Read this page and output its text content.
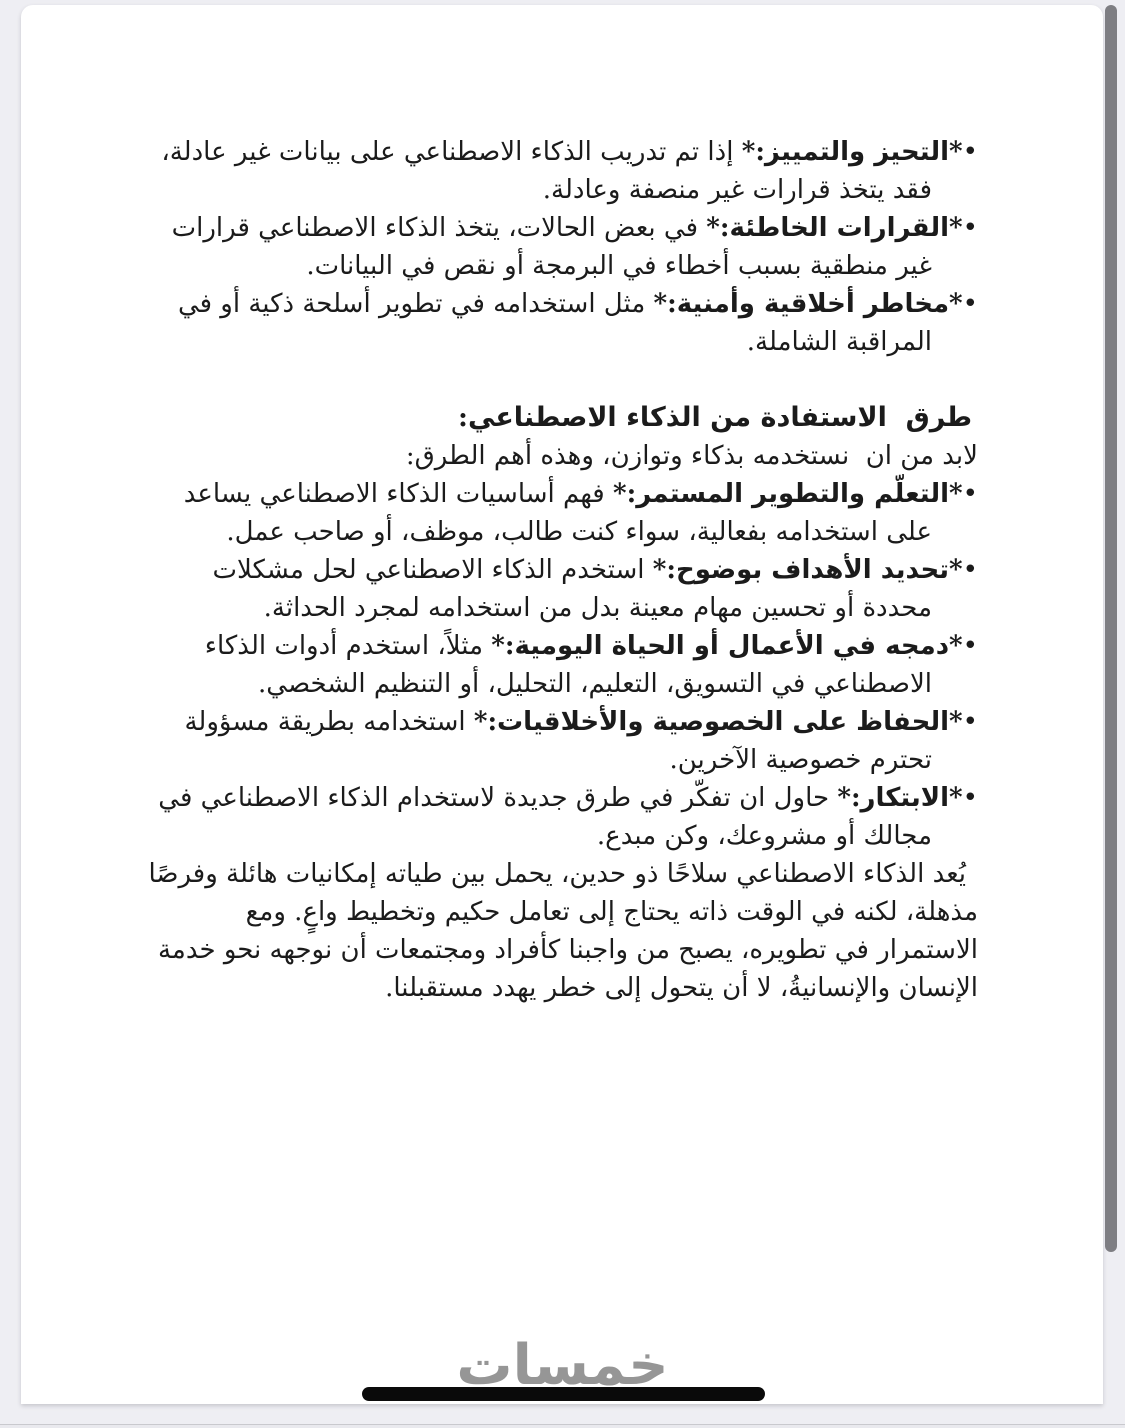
•*التحيز والتمييز:* إذا تم تدريب الذكاء الاصطناعي على بيانات غير عادلة، فقد يتخذ قرارات غير منصفة وعادلة.

•*القرارات الخاطئة:* في بعض الحالات، يتخذ الذكاء الاصطناعي قرارات غير منطقية بسبب أخطاء في البرمجة أو نقص في البيانات.

•*مخاطر أخلاقية وأمنية:* مثل استخدامه في تطوير أسلحة ذكية أو في المراقبة الشاملة.

طرق  الاستفادة من الذكاء الاصطناعي:

لابد من ان  نستخدمه بذكاء وتوازن، وهذه أهم الطرق:

•*التعلّم والتطوير المستمر:* فهم أساسيات الذكاء الاصطناعي يساعد على استخدامه بفعالية، سواء كنت طالب، موظف، أو صاحب عمل.

•*تحديد الأهداف بوضوح:* استخدم الذكاء الاصطناعي لحل مشكلات محددة أو تحسين مهام معينة بدل من استخدامه لمجرد الحداثة.

•*دمجه في الأعمال أو الحياة اليومية:* مثلاً، استخدم أدوات الذكاء الاصطناعي في التسويق، التعليم، التحليل، أو التنظيم الشخصي.

•*الحفاظ على الخصوصية والأخلاقيات:* استخدامه بطريقة مسؤولة تحترم خصوصية الآخرين.

•*الابتكار:* حاول ان تفكّر في طرق جديدة لاستخدام الذكاء الاصطناعي في مجالك أو مشروعك، وكن مبدع.

يُعد الذكاء الاصطناعي سلاحًا ذو حدين، يحمل بين طياته إمكانيات هائلة وفرصًا مذهلة، لكنه في الوقت ذاته يحتاج إلى تعامل حكيم وتخطيط واعٍ. ومع الاستمرار في تطويره، يصبح من واجبنا كأفراد ومجتمعات أن نوجهه نحو خدمة الإنسان والإنسانيةُ، لا أن يتحول إلى خطر يهدد مستقبلنا.

خمسات
